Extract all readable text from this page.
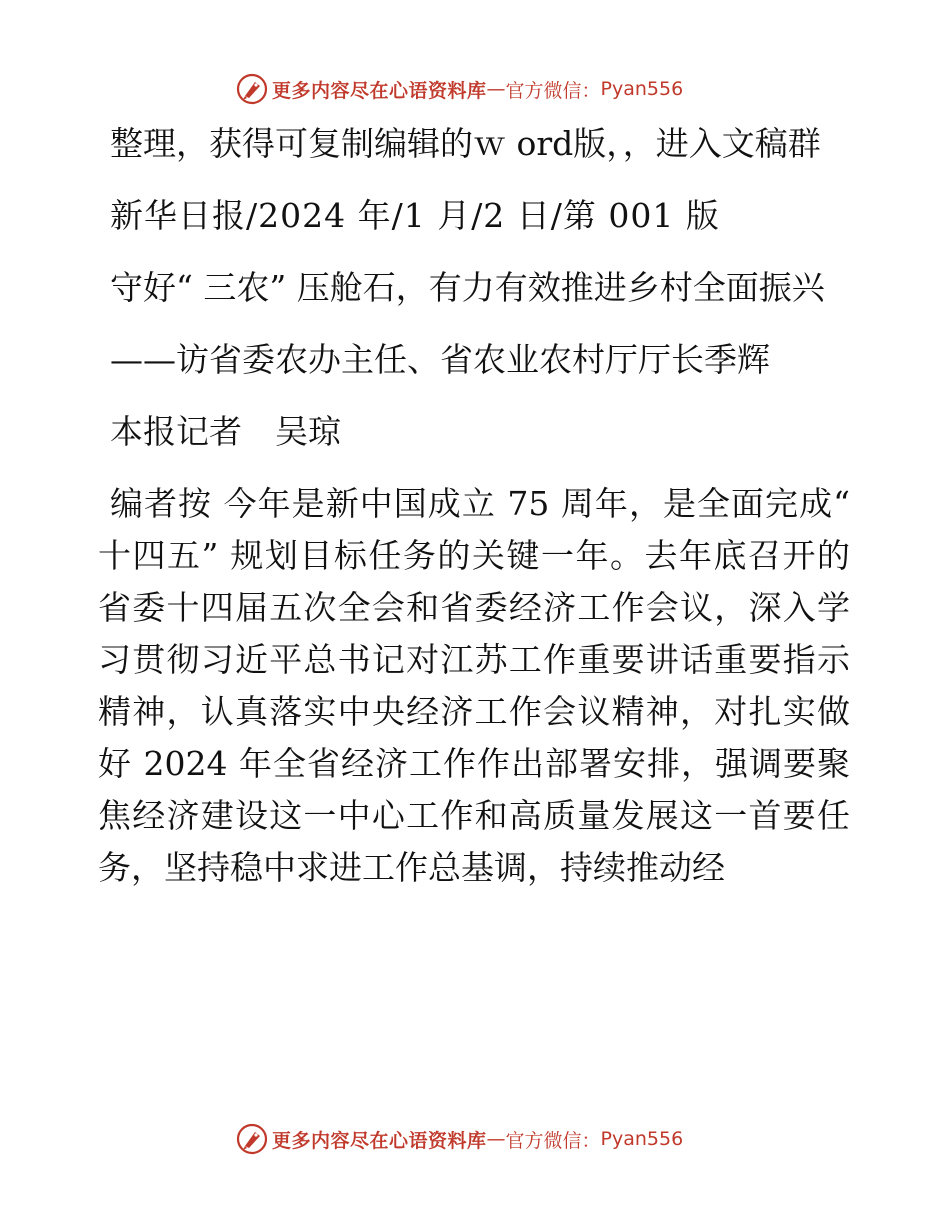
更多内容尽在心语资料库 — 官方微信： Pyan556

整理，获得可复制编辑的ｗ ord版，，进入文稿群

新华日报/2024 年/1 月/2 日/第 001 版

守好“ 三农” 压舱石，有力有效推进乡村全面振兴

——访省委农办主任、省农业农村厅厅长季辉

本报记者　吴琼

编者按 今年是新中国成立 75 周年，是全面完成“ 十四五” 规划目标任务的关键一年。去年底召开的省委十四届五次全会和省委经济工作会议，深入学习贯彻习近平总书记对江苏工作重要讲话重要指示精神，认真落实中央经济工作会议精神，对扎实做好 2024 年全省经济工作作出部署安排，强调要聚焦经济建设这一中心工作和高质量发展这一首要任务，坚持稳中求进工作总基调，持续推动经

更多内容尽在心语资料库 — 官方微信： Pyan556
